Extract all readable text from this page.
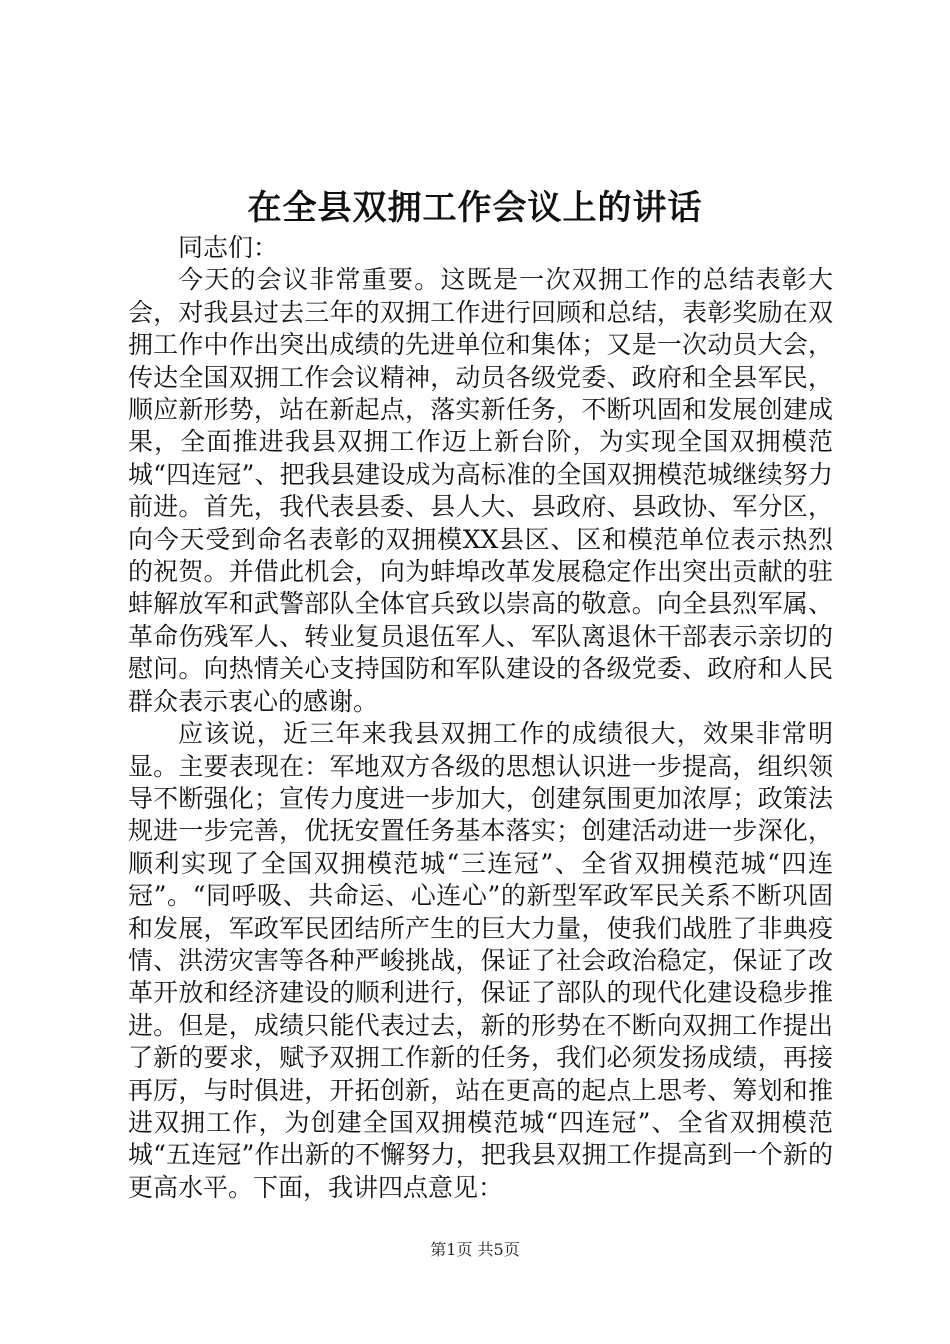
在全县双拥工作会议上的讲话

同志们：

今天的会议非常重要。这既是一次双拥工作的总结表彰大会，对我县过去三年的双拥工作进行回顾和总结，表彰奖励在双拥工作中作出突出成绩的先进单位和集体；又是一次动员大会，传达全国双拥工作会议精神，动员各级党委、政府和全县军民，顺应新形势，站在新起点，落实新任务，不断巩固和发展创建成果，全面推进我县双拥工作迈上新台阶，为实现全国双拥模范城“四连冠”、把我县建设成为高标准的全国双拥模范城继续努力前进。首先，我代表县委、县人大、县政府、县政协、军分区，向今天受到命名表彰的双拥模XX县区、区和模范单位表示热烈的祝贺。并借此机会，向为蚌埠改革发展稳定作出突出贡献的驻蚌解放军和武警部队全体官兵致以崇高的敬意。向全县烈军属、革命伤残军人、转业复员退伍军人、军队离退休干部表示亲切的慰问。向热情关心支持国防和军队建设的各级党委、政府和人民群众表示衷心的感谢。

应该说，近三年来我县双拥工作的成绩很大，效果非常明显。主要表现在：军地双方各级的思想认识进一步提高，组织领导不断强化；宣传力度进一步加大，创建氛围更加浓厚；政策法规进一步完善，优抚安置任务基本落实；创建活动进一步深化，顺利实现了全国双拥模范城“三连冠”、全省双拥模范城“四连冠”。“同呼吸、共命运、心连心”的新型军政军民关系不断巩固和发展，军政军民团结所产生的巨大力量，使我们战胜了非典疫情、洪涝灾害等各种严峻挑战，保证了社会政治稳定，保证了改革开放和经济建设的顺利进行，保证了部队的现代化建设稳步推进。但是，成绩只能代表过去，新的形势在不断向双拥工作提出了新的要求，赋予双拥工作新的任务，我们必须发扬成绩，再接再厉，与时俱进，开拓创新，站在更高的起点上思考、筹划和推进双拥工作，为创建全国双拥模范城“四连冠”、全省双拥模范城“五连冠”作出新的不懈努力，把我县双拥工作提高到一个新的更高水平。下面，我讲四点意见：

第1页 共5页
